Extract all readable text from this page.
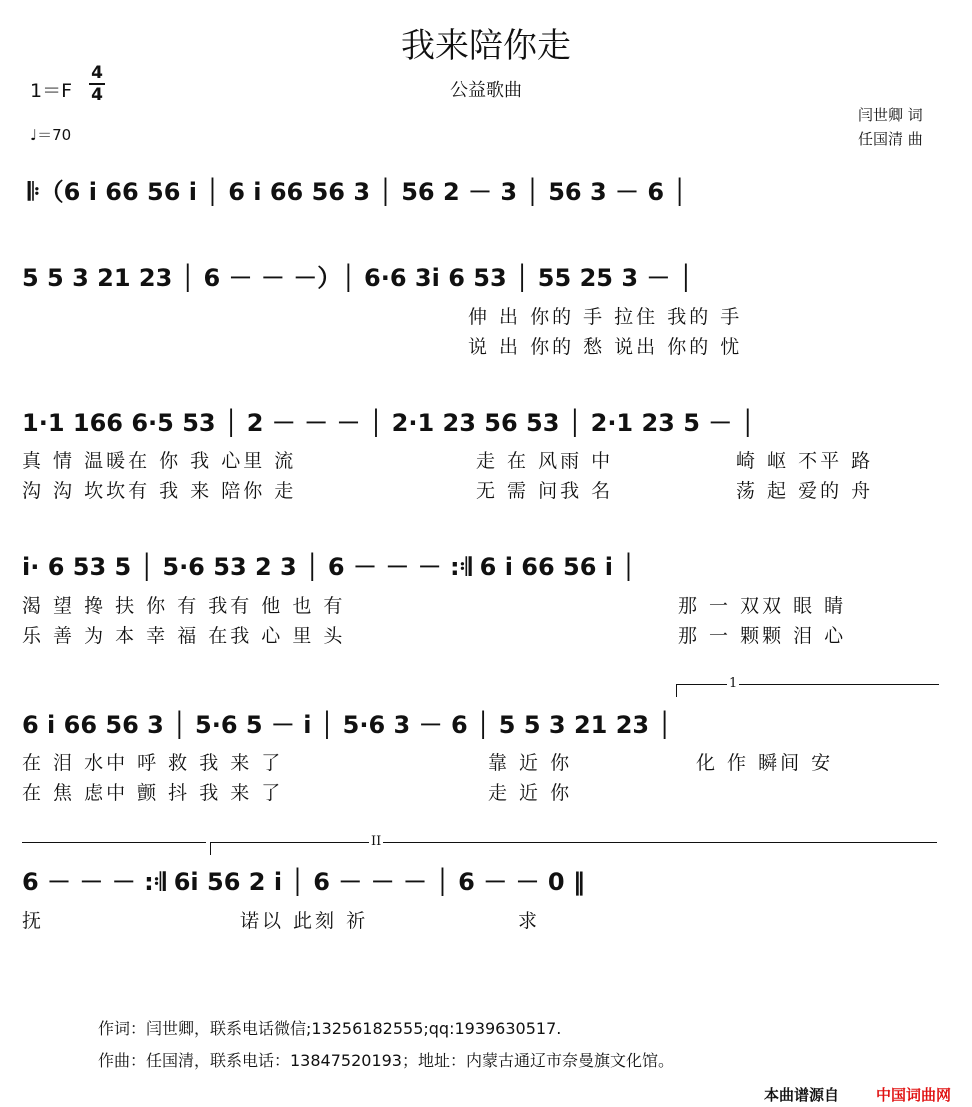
我来陪你走
公益歌曲
1＝F
4
4
♩＝70
闫世卿 词
任国清 曲
𝄆（6 i 66 56 i │ 6 i 66 56 3 │ 56 2 － 3 │ 56 3 － 6 │
5 5 3 21 23 │ 6 － － －）│ 6·6 3i 6 53 │ 55 25 3 － │
伸 出 你的 手 拉住 我的 手
说 出 你的 愁 说出 你的 忧
1·1 166 6·5 53 │ 2 － － － │ 2·1 23 56 53 │ 2·1 23 5 － │
真 情 温暖在 你 我 心里 流
沟 沟 坎坎有 我 来 陪你 走
走 在 风雨 中
无 需 问我 名
崎 岖 不平 路
荡 起 爱的 舟
i· 6 53 5 │ 5·6 53 2 3 │ 6 － － － :𝄇 6 i 66 56 i │
渴 望 搀 扶 你 有 我有 他 也 有
乐 善 为 本 幸 福 在我 心 里 头
那 一 双双 眼 睛
那 一 颗颗 泪 心
1
6 i 66 56 3 │ 5·6 5 － i │ 5·6 3 － 6 │ 5 5 3 21 23 │
在 泪 水中 呼 救 我 来 了
在 焦 虑中 颤 抖 我 来 了
靠 近 你
走 近 你
化 作 瞬间 安
II
6 － － － :𝄇 6i 56 2 i │ 6 － － － │ 6 － － 0 ‖
抚	诺以 此刻 祈	求
作词：闫世卿，联系电话微信;13256182555;qq:1939630517.
作曲：任国清，联系电话：13847520193；地址：内蒙古通辽市奈曼旗文化馆。
本曲谱源自 中国词曲网
